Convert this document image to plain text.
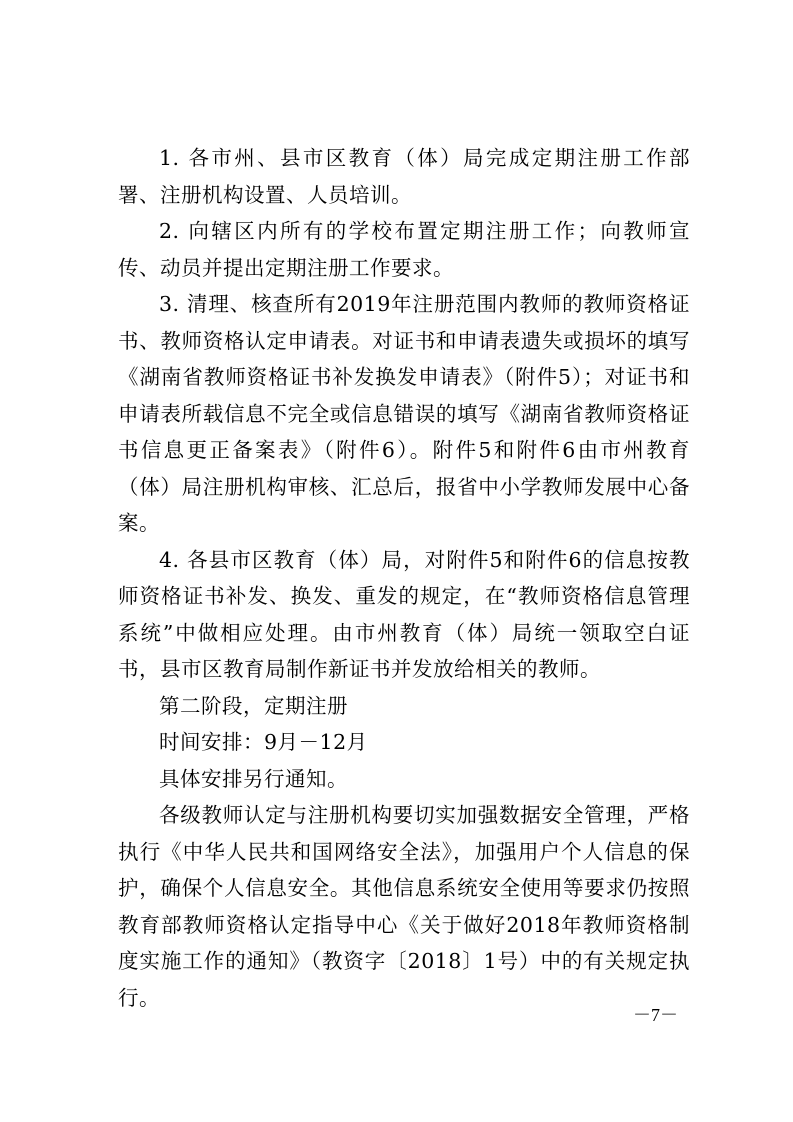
1. 各市州、县市区教育（体）局完成定期注册工作部署、注册机构设置、人员培训。

2. 向辖区内所有的学校布置定期注册工作；向教师宣传、动员并提出定期注册工作要求。

3. 清理、核查所有2019年注册范围内教师的教师资格证书、教师资格认定申请表。对证书和申请表遗失或损坏的填写《湖南省教师资格证书补发换发申请表》（附件5）；对证书和申请表所载信息不完全或信息错误的填写《湖南省教师资格证书信息更正备案表》（附件6）。附件5和附件6由市州教育（体）局注册机构审核、汇总后，报省中小学教师发展中心备案。

4. 各县市区教育（体）局，对附件5和附件6的信息按教师资格证书补发、换发、重发的规定，在“教师资格信息管理系统”中做相应处理。由市州教育（体）局统一领取空白证书，县市区教育局制作新证书并发放给相关的教师。

第二阶段，定期注册

时间安排：9月－12月

具体安排另行通知。

各级教师认定与注册机构要切实加强数据安全管理，严格执行《中华人民共和国网络安全法》，加强用户个人信息的保护，确保个人信息安全。其他信息系统安全使用等要求仍按照教育部教师资格认定指导中心《关于做好2018年教师资格制度实施工作的通知》（教资字〔2018〕1号）中的有关规定执行。

－7－
